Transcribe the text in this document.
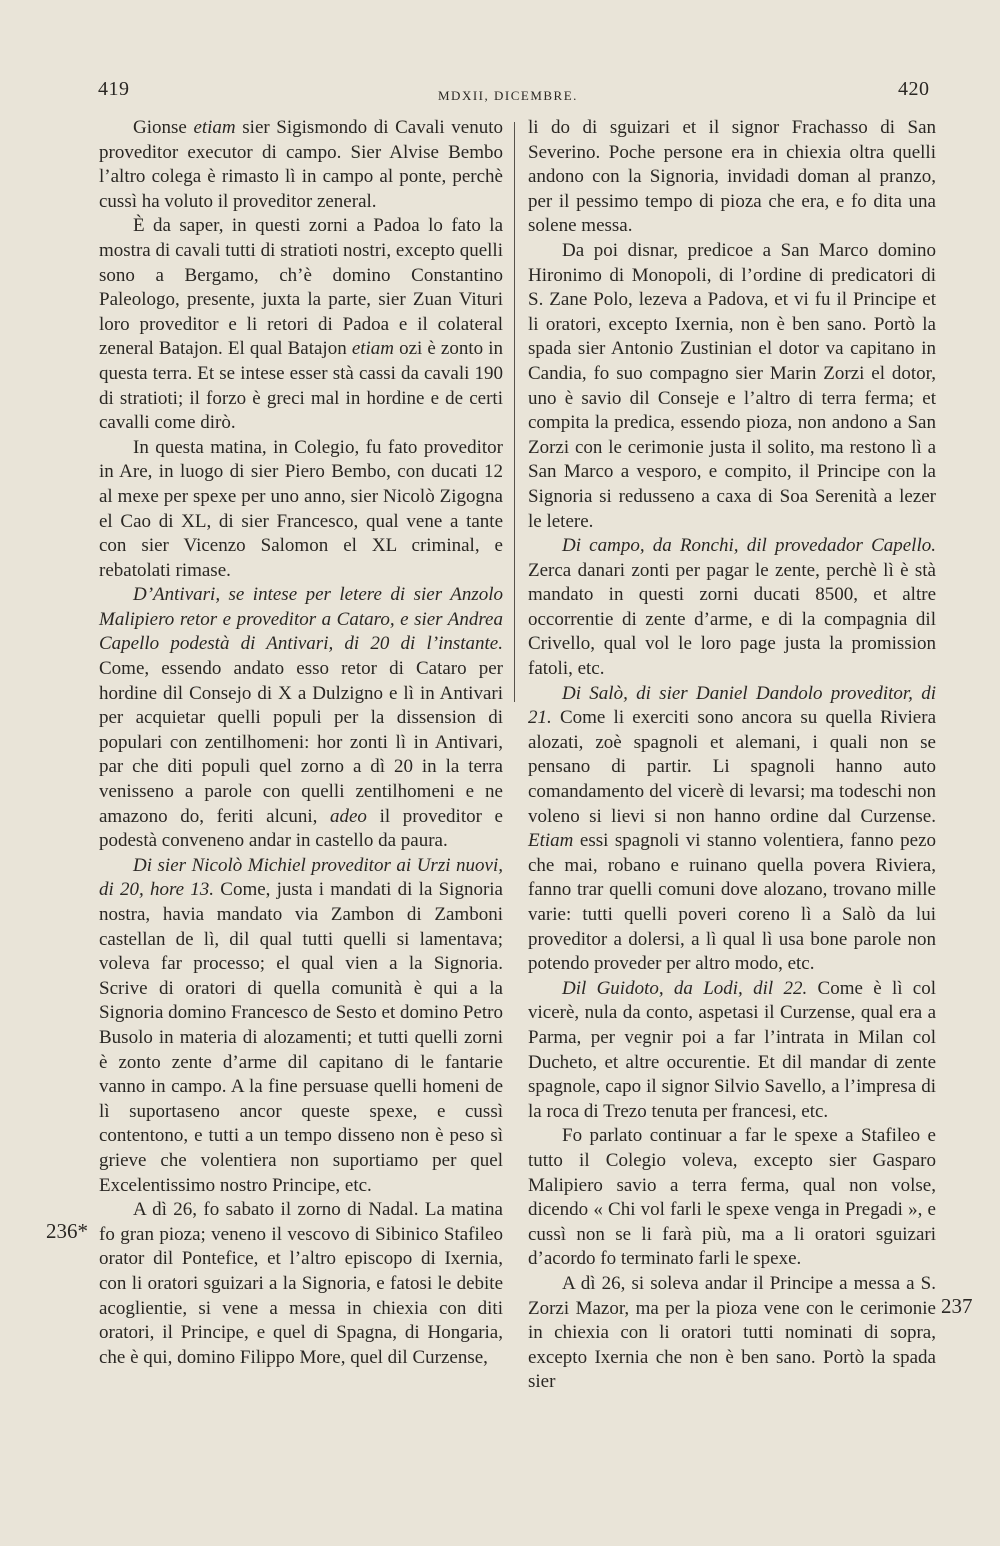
419	MDXII, DICEMBRE.	420
236*
237

Gionse etiam sier Sigismondo di Cavali venuto proveditor executor di campo. Sier Alvise Bembo l’altro colega è rimasto lì in campo al ponte, perchè cussì ha voluto il proveditor zeneral.

È da saper, in questi zorni a Padoa lo fato la mostra di cavali tutti di stratioti nostri, excepto quelli sono a Bergamo, ch’è domino Constantino Paleologo, presente, juxta la parte, sier Zuan Vituri loro proveditor e li retori di Padoa e il colateral zeneral Batajon. El qual Batajon etiam ozi è zonto in questa terra. Et se intese esser stà cassi da cavali 190 di stratioti; il forzo è greci mal in hordine e de certi cavalli come dirò.

In questa matina, in Colegio, fu fato proveditor in Are, in luogo di sier Piero Bembo, con ducati 12 al mexe per spexe per uno anno, sier Nicolò Zigogna el Cao di XL, di sier Francesco, qual vene a tante con sier Vicenzo Salomon el XL criminal, e rebatolati rimase.

D’Antivari, se intese per letere di sier Anzolo Malipiero retor e proveditor a Cataro, e sier Andrea Capello podestà di Antivari, di 20 di l’instante. Come, essendo andato esso retor di Cataro per hordine dil Consejo di X a Dulzigno e lì in Antivari per acquietar quelli populi per la dissension di populari con zentilhomeni: hor zonti lì in Antivari, par che diti populi quel zorno a dì 20 in la terra venisseno a parole con quelli zentilhomeni e ne amazono do, feriti alcuni, adeo il proveditor e podestà conveneno andar in castello da paura.

Di sier Nicolò Michiel proveditor ai Urzi nuovi, di 20, hore 13. Come, justa i mandati di la Signoria nostra, havia mandato via Zambon di Zamboni castellan de lì, dil qual tutti quelli si lamentava; voleva far processo; el qual vien a la Signoria. Scrive di oratori di quella comunità è qui a la Signoria domino Francesco de Sesto et domino Petro Busolo in materia di alozamenti; et tutti quelli zorni è zonto zente d’arme dil capitano di le fantarie vanno in campo. A la fine persuase quelli homeni de lì suportaseno ancor queste spexe, e cussì contentono, e tutti a un tempo disseno non è peso sì grieve che volentiera non suportiamo per quel Excelentissimo nostro Principe, etc.

A dì 26, fo sabato il zorno di Nadal. La matina fo gran pioza; veneno il vescovo di Sibinico Stafileo orator dil Pontefice, et l’altro episcopo di Ixernia, con li oratori sguizari a la Signoria, e fatosi le debite acoglientie, si vene a messa in chiexia con diti oratori, il Principe, e quel di Spagna, di Hongaria, che è qui, domino Filippo More, quel dil Curzense,

li do di sguizari et il signor Frachasso di San Severino. Poche persone era in chiexia oltra quelli andono con la Signoria, invidadi doman al pranzo, per il pessimo tempo di pioza che era, e fo dita una solene messa.

Da poi disnar, predicoe a San Marco domino Hironimo di Monopoli, di l’ordine di predicatori di S. Zane Polo, lezeva a Padova, et vi fu il Principe et li oratori, excepto Ixernia, non è ben sano. Portò la spada sier Antonio Zustinian el dotor va capitano in Candia, fo suo compagno sier Marin Zorzi el dotor, uno è savio dil Conseje e l’altro di terra ferma; et compita la predica, essendo pioza, non andono a San Zorzi con le cerimonie justa il solito, ma restono lì a San Marco a vesporo, e compito, il Principe con la Signoria si redusseno a caxa di Soa Serenità a lezer le letere.

Di campo, da Ronchi, dil provedador Capello. Zerca danari zonti per pagar le zente, perchè lì è stà mandato in questi zorni ducati 8500, et altre occorrentie di zente d’arme, e di la compagnia dil Crivello, qual vol le loro page justa la promission fatoli, etc.

Di Salò, di sier Daniel Dandolo proveditor, di 21. Come li exerciti sono ancora su quella Riviera alozati, zoè spagnoli et alemani, i quali non se pensano di partir. Li spagnoli hanno auto comandamento del vicerè di levarsi; ma todeschi non voleno si lievi si non hanno ordine dal Curzense. Etiam essi spagnoli vi stanno volentiera, fanno pezo che mai, robano e ruinano quella povera Riviera, fanno trar quelli comuni dove alozano, trovano mille varie: tutti quelli poveri coreno lì a Salò da lui proveditor a dolersi, a lì qual lì usa bone parole non potendo proveder per altro modo, etc.

Dil Guidoto, da Lodi, dil 22. Come è lì col vicerè, nula da conto, aspetasi il Curzense, qual era a Parma, per vegnir poi a far l’intrata in Milan col Ducheto, et altre occurentie. Et dil mandar di zente spagnole, capo il signor Silvio Savello, a l’impresa di la roca di Trezo tenuta per francesi, etc.

Fo parlato continuar a far le spexe a Stafileo e tutto il Colegio voleva, excepto sier Gasparo Malipiero savio a terra ferma, qual non volse, dicendo « Chi vol farli le spexe venga in Pregadi », e cussì non se li farà più, ma a li oratori sguizari d’acordo fo terminato farli le spexe.

A dì 26, si soleva andar il Principe a messa a S. Zorzi Mazor, ma per la pioza vene con le cerimonie in chiexia con li oratori tutti nominati di sopra, excepto Ixernia che non è ben sano. Portò la spada sier
